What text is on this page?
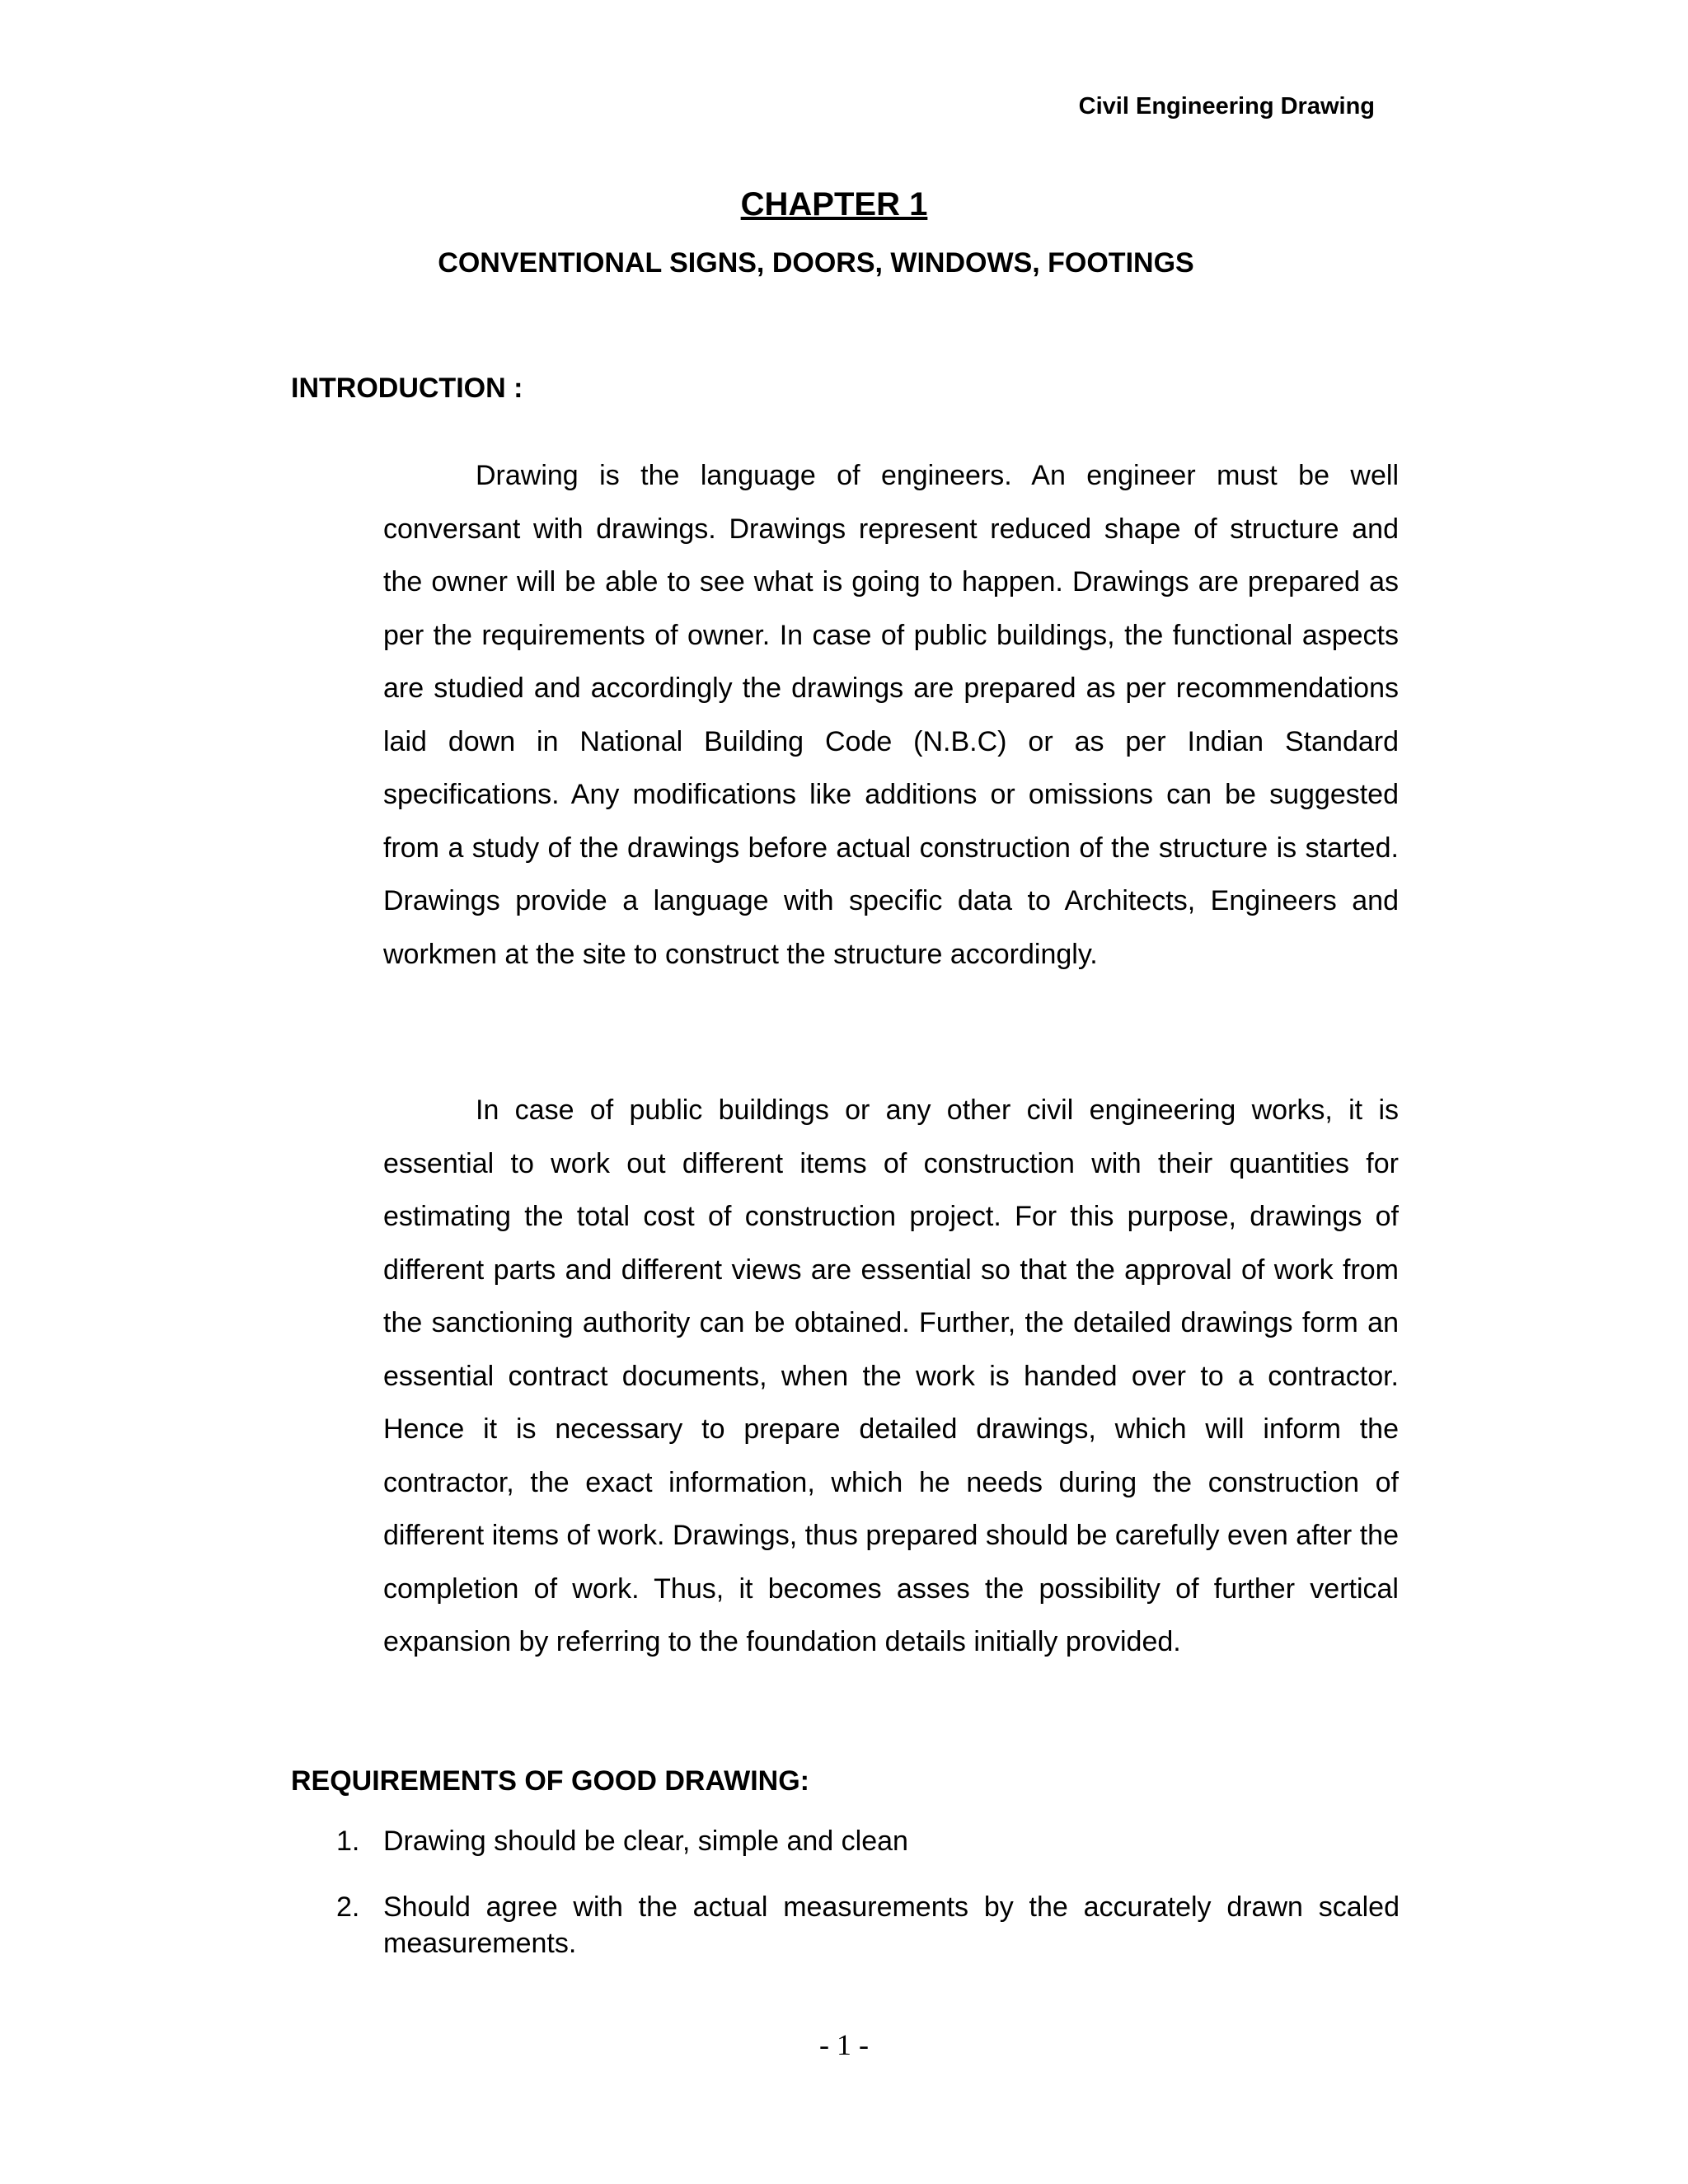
Civil Engineering Drawing

CHAPTER 1
CONVENTIONAL SIGNS, DOORS, WINDOWS, FOOTINGS
INTRODUCTION :

Drawing is the language of engineers. An engineer must be well conversant with drawings. Drawings represent reduced shape of structure and the owner will be able to see what is going to happen. Drawings are prepared as per the requirements of owner. In case of public buildings, the functional aspects are studied and accordingly the drawings are prepared as per recommendations laid down in National Building Code (N.B.C) or as per Indian Standard specifications. Any modifications like additions or omissions can be suggested from a study of the drawings before actual construction of the structure is started. Drawings provide a language with specific data to Architects, Engineers and workmen at the site to construct the structure accordingly.

In case of public buildings or any other civil engineering works, it is essential to work out different items of construction with their quantities for estimating the total cost of construction project. For this purpose, drawings of different parts and different views are essential so that the approval of work from the sanctioning authority can be obtained. Further, the detailed drawings form an essential contract documents, when the work is handed over to a contractor. Hence it is necessary to prepare detailed drawings, which will inform the contractor, the exact information, which he needs during the construction of different items of work. Drawings, thus prepared should be carefully even after the completion of work. Thus, it becomes asses the possibility of further vertical expansion by referring to the foundation details initially provided.

REQUIREMENTS OF GOOD DRAWING:
1. Drawing should be clear, simple and clean
2. Should agree with the actual measurements by the accurately drawn scaled measurements.

- 1 -
